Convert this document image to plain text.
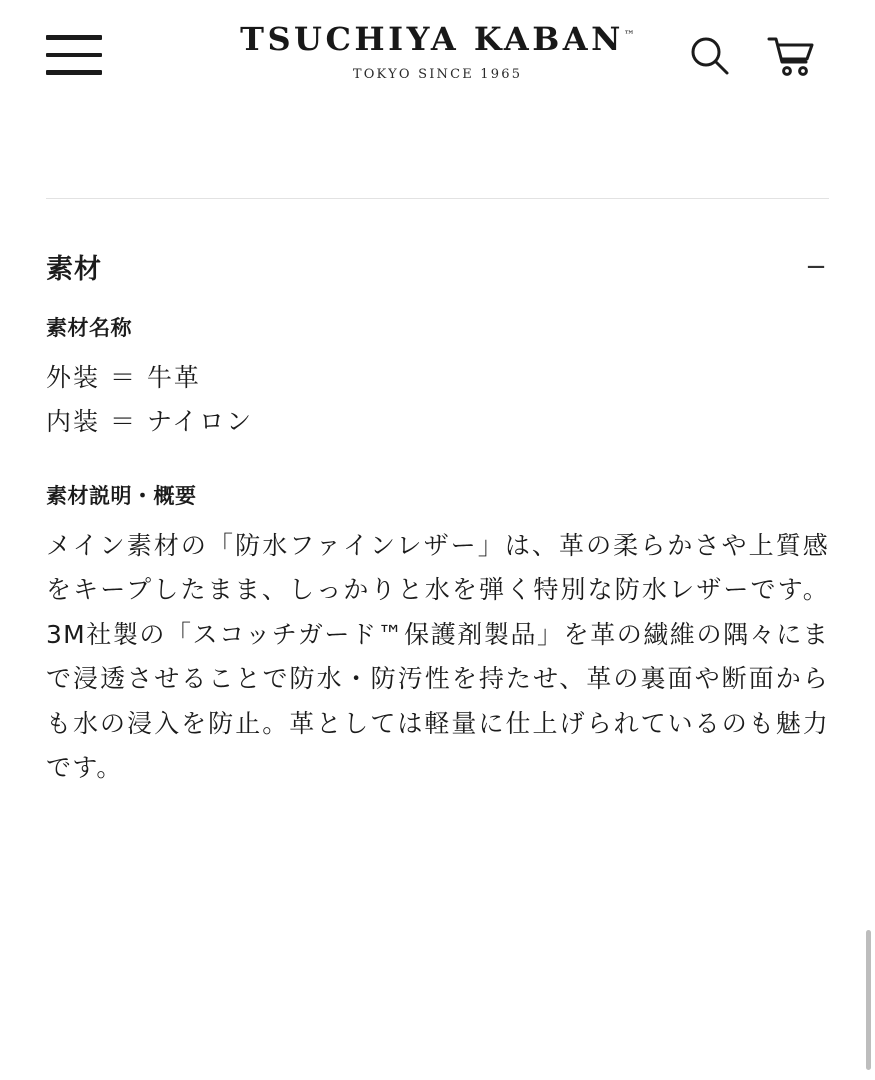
TSUCHIYA KABAN™
TOKYO SINCE 1965
素材	−
素材名称
外装 ＝ 牛革
内装 ＝ ナイロン
素材説明・概要
メイン素材の「防水ファインレザー」は、革の柔らかさや上質感をキープしたまま、しっかりと水を弾く特別な防水レザーです。3M社製の「スコッチガード™保護剤製品」を革の繊維の隅々にまで浸透させることで防水・防汚性を持たせ、革の裏面や断面からも水の浸入を防止。革としては軽量に仕上げられているのも魅力です。
